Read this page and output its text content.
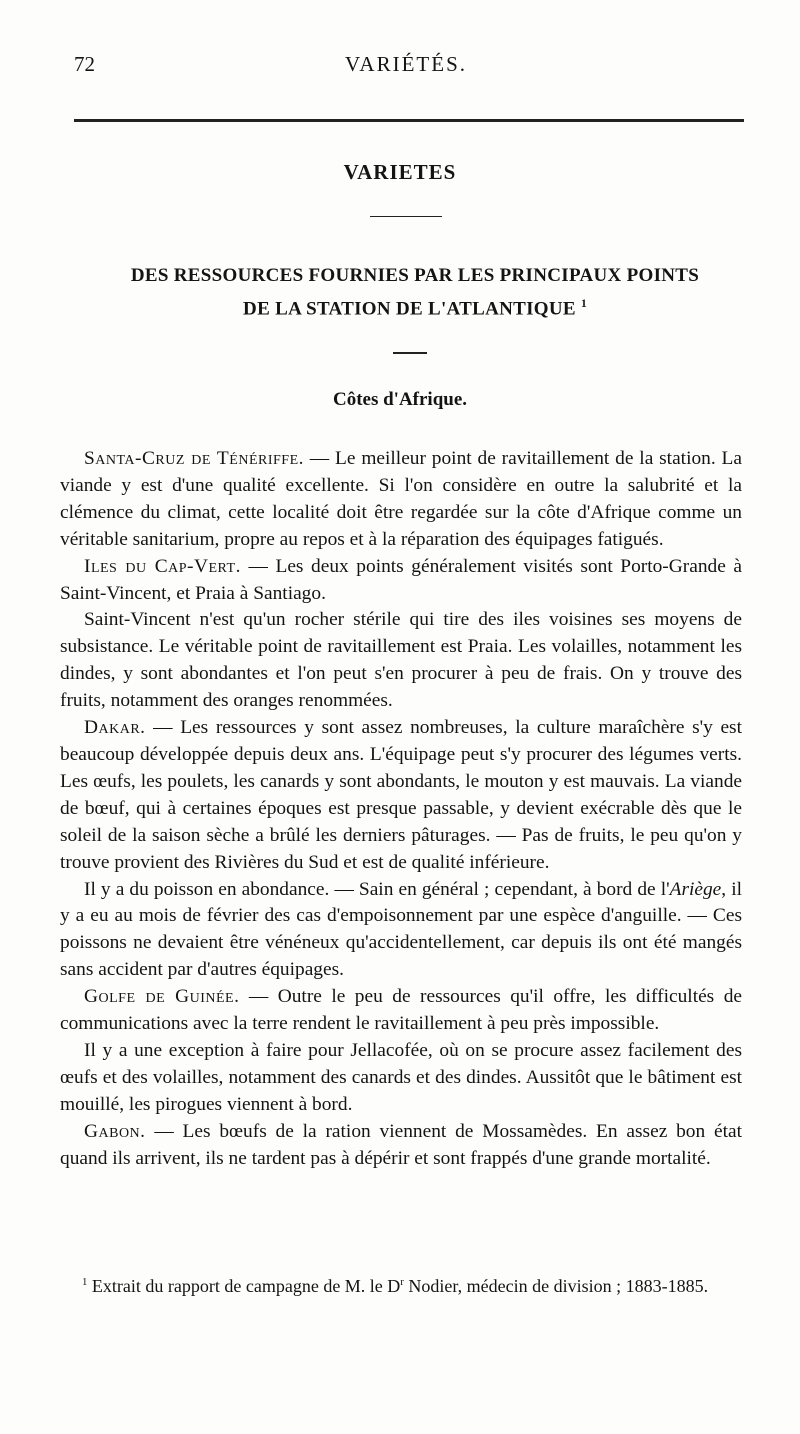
72	VARIÉTÉS.
VARIETES
DES RESSOURCES FOURNIES PAR LES PRINCIPAUX POINTS
DE LA STATION DE L'ATLANTIQUE $^1$
Côtes d'Afrique.

Santa-Cruz de Ténériffe. — Le meilleur point de ravitaillement de la station. La viande y est d'une qualité excellente. Si l'on considère en outre la salubrité et la clémence du climat, cette localité doit être regardée sur la côte d'Afrique comme un véritable sanitarium, propre au repos et à la réparation des équipages fatigués.

Iles du Cap-Vert. — Les deux points généralement visités sont Porto-Grande à Saint-Vincent, et Praia à Santiago.

Saint-Vincent n'est qu'un rocher stérile qui tire des iles voisines ses moyens de subsistance. Le véritable point de ravitaillement est Praia. Les volailles, notamment les dindes, y sont abondantes et l'on peut s'en procurer à peu de frais. On y trouve des fruits, notamment des oranges renommées.

Dakar. — Les ressources y sont assez nombreuses, la culture maraîchère s'y est beaucoup développée depuis deux ans. L'équipage peut s'y procurer des légumes verts. Les œufs, les poulets, les canards y sont abondants, le mouton y est mauvais. La viande de bœuf, qui à certaines époques est presque passable, y devient exécrable dès que le soleil de la saison sèche a brûlé les derniers pâturages. — Pas de fruits, le peu qu'on y trouve provient des Rivières du Sud et est de qualité inférieure.

Il y a du poisson en abondance. — Sain en général ; cependant, à bord de l'Ariège, il y a eu au mois de février des cas d'empoisonnement par une espèce d'anguille. — Ces poissons ne devaient être vénéneux qu'accidentellement, car depuis ils ont été mangés sans accident par d'autres équipages.

Golfe de Guinée. — Outre le peu de ressources qu'il offre, les difficultés de communications avec la terre rendent le ravitaillement à peu près impossible.

Il y a une exception à faire pour Jellacofée, où on se procure assez facilement des œufs et des volailles, notamment des canards et des dindes. Aussitôt que le bâtiment est mouillé, les pirogues viennent à bord.

Gabon. — Les bœufs de la ration viennent de Mossamèdes. En assez bon état quand ils arrivent, ils ne tardent pas à dépérir et sont frappés d'une grande mortalité.

$^1$ Extrait du rapport de campagne de M. le $D^r$ Nodier, médecin de division ; 1883-1885.
